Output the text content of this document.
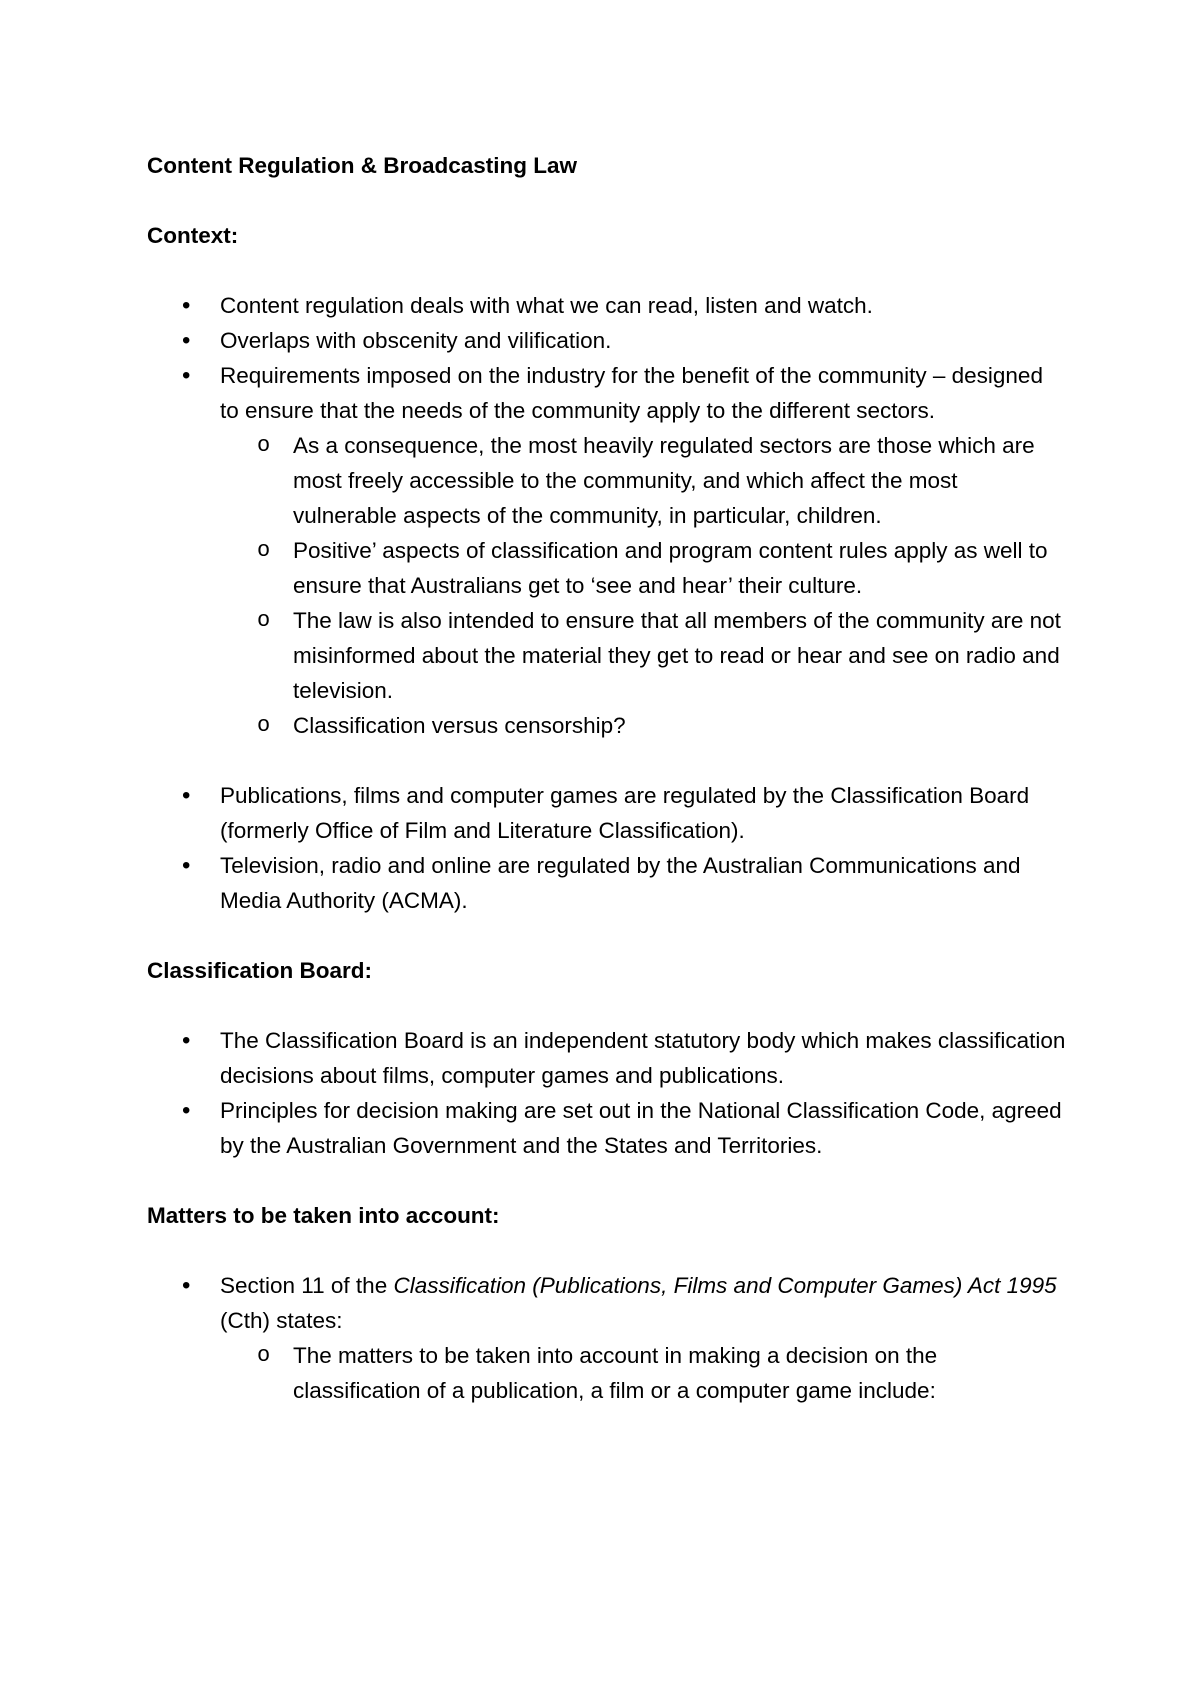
Content Regulation & Broadcasting Law

Context:

• Content regulation deals with what we can read, listen and watch.
• Overlaps with obscenity and vilification.
• Requirements imposed on the industry for the benefit of the community – designed to ensure that the needs of the community apply to the different sectors.
o As a consequence, the most heavily regulated sectors are those which are most freely accessible to the community, and which affect the most vulnerable aspects of the community, in particular, children.
o Positive’ aspects of classification and program content rules apply as well to ensure that Australians get to ‘see and hear’ their culture.
o The law is also intended to ensure that all members of the community are not misinformed about the material they get to read or hear and see on radio and television.
o Classification versus censorship?
• Publications, films and computer games are regulated by the Classification Board (formerly Office of Film and Literature Classification).
• Television, radio and online are regulated by the Australian Communications and Media Authority (ACMA).

Classification Board:

• The Classification Board is an independent statutory body which makes classification decisions about films, computer games and publications.
• Principles for decision making are set out in the National Classification Code, agreed by the Australian Government and the States and Territories.

Matters to be taken into account:

• Section 11 of the Classification (Publications, Films and Computer Games) Act 1995 (Cth) states:
o The matters to be taken into account in making a decision on the classification of a publication, a film or a computer game include:
